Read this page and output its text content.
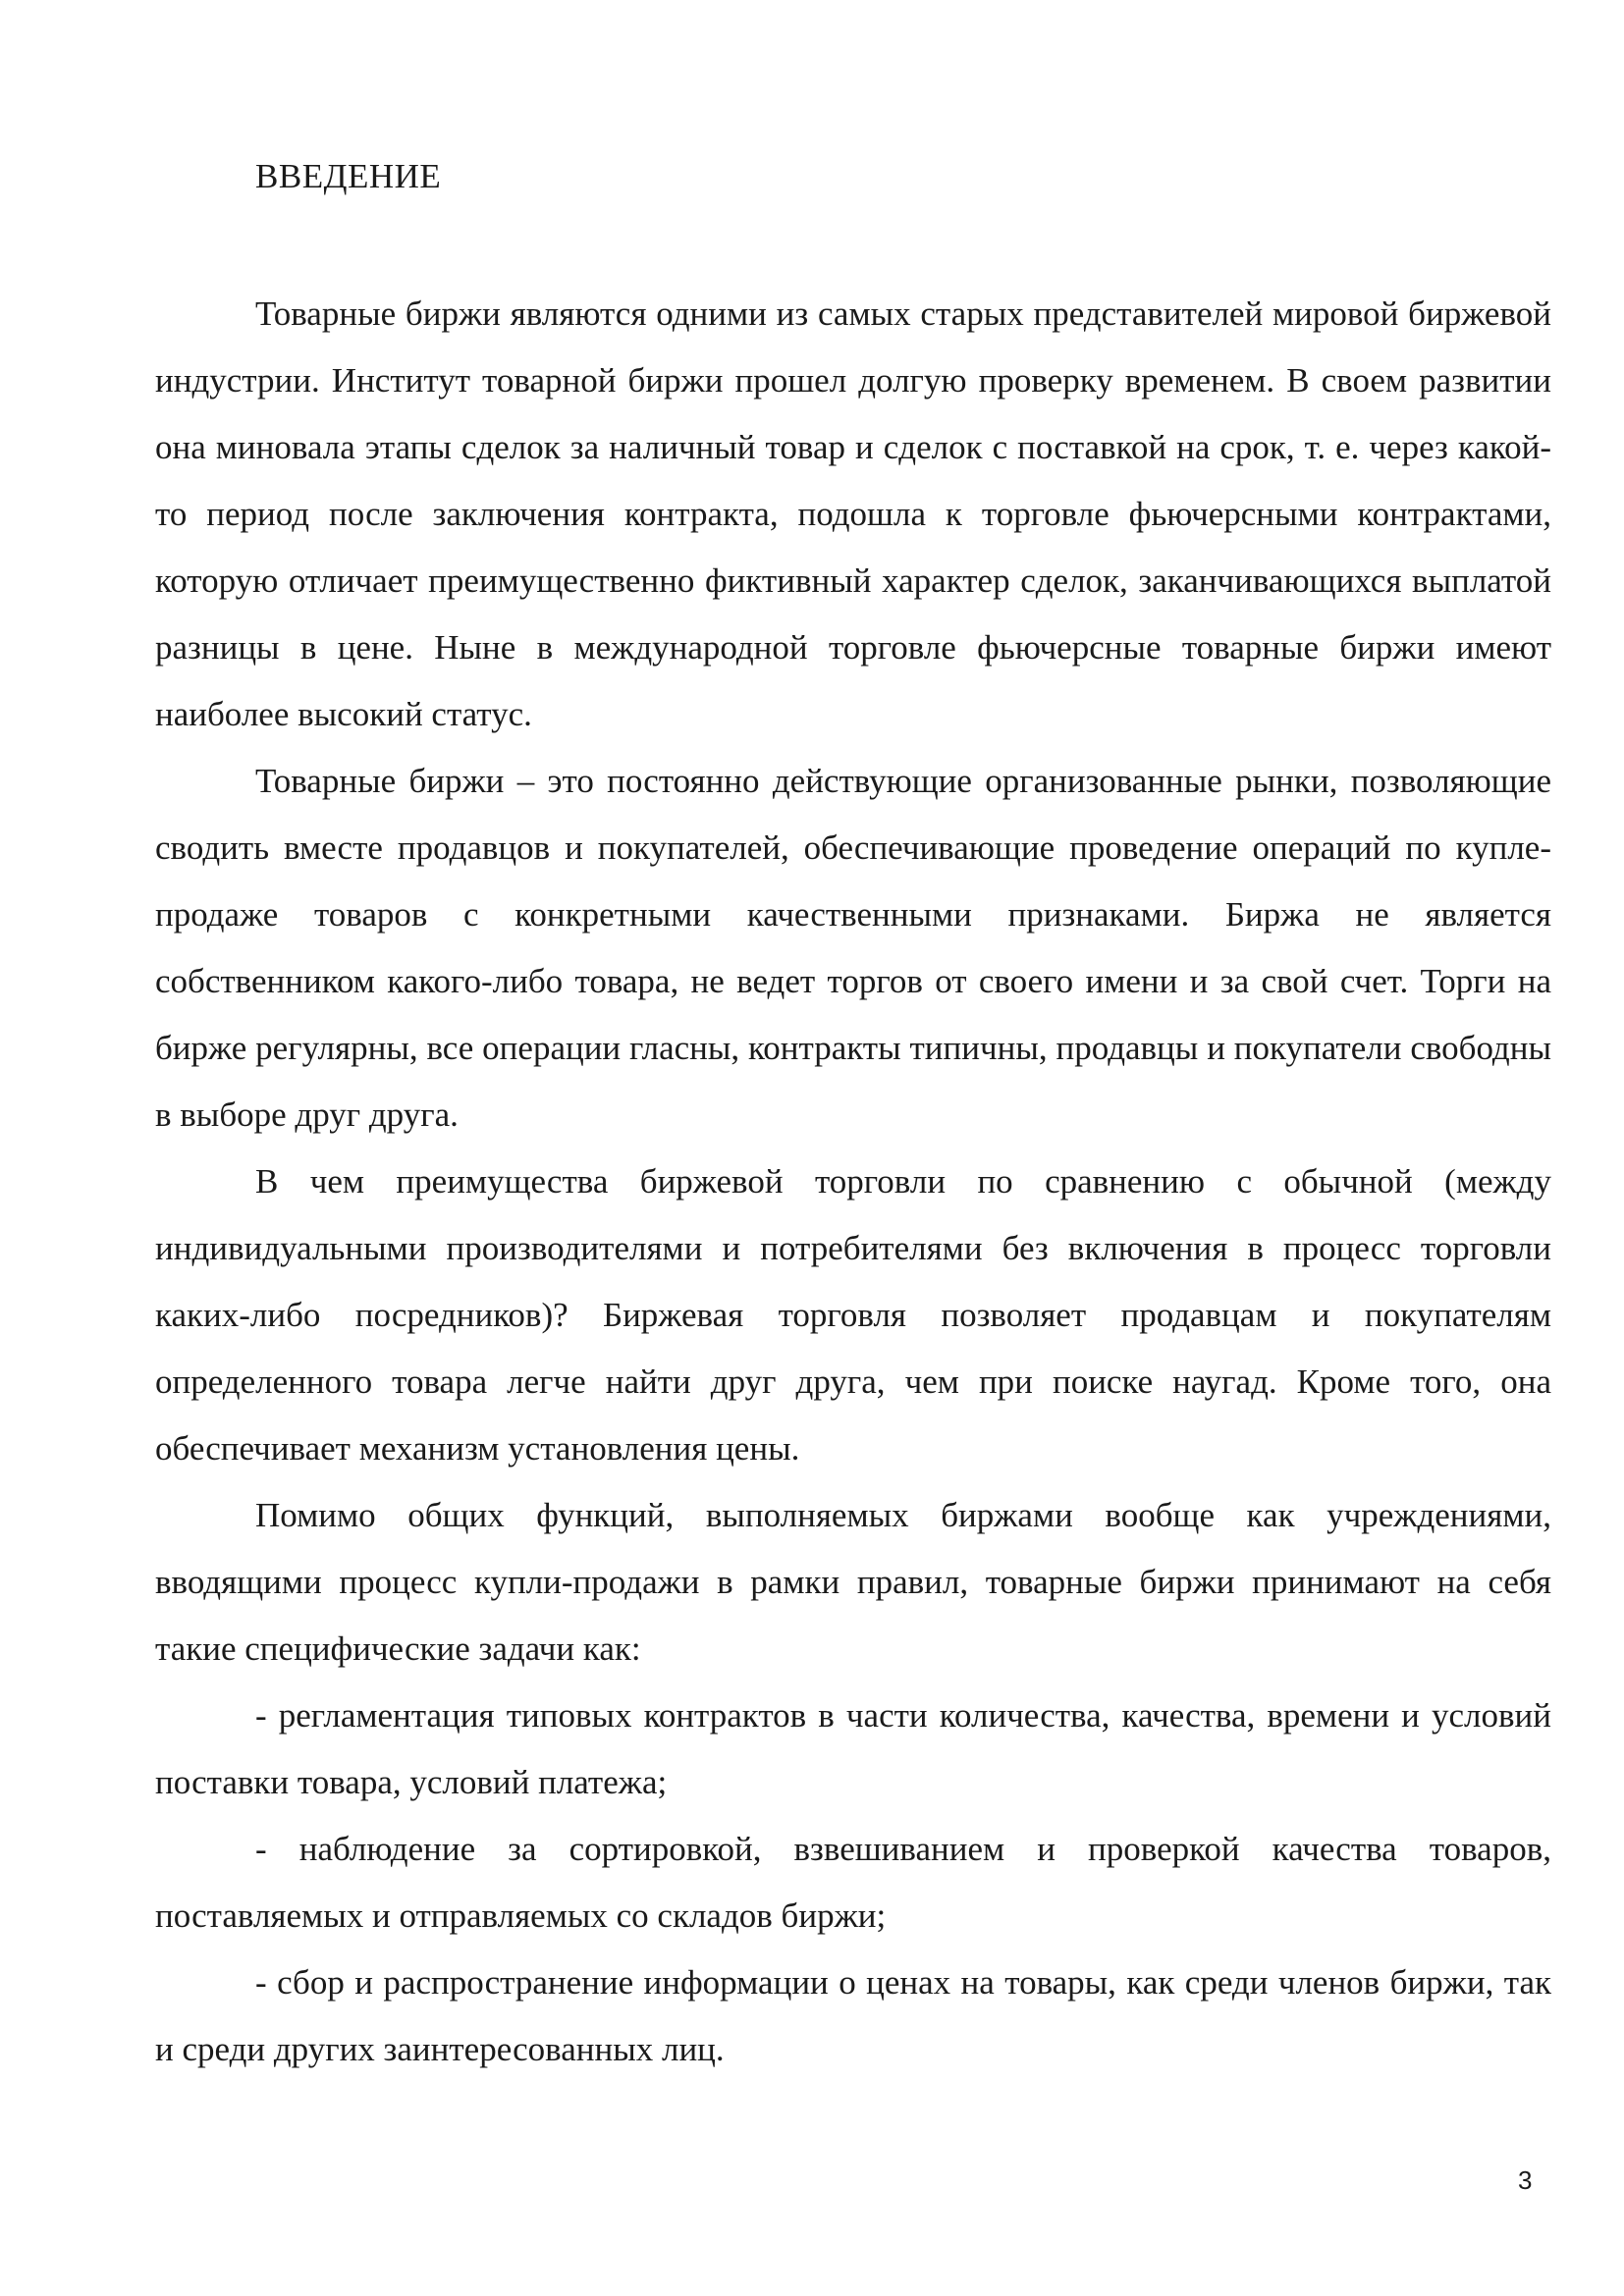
ВВЕДЕНИЕ

Товарные биржи являются одними из самых старых представителей мировой биржевой индустрии. Институт товарной биржи прошел долгую проверку временем. В своем развитии она миновала этапы сделок за наличный товар и сделок с поставкой на срок, т. е. через какой-то период после заключения контракта, подошла к торговле фьючерсными контрактами, которую отличает преимущественно фиктивный характер сделок, заканчивающихся выплатой разницы в цене. Ныне в международной торговле фьючерсные товарные биржи имеют наиболее высокий статус.

Товарные биржи – это постоянно действующие организованные рынки, позволяющие сводить вместе продавцов и покупателей, обеспечивающие проведение операций по купле-продаже товаров с конкретными качественными признаками. Биржа не является собственником какого-либо товара, не ведет торгов от своего имени и за свой счет. Торги на бирже регулярны, все операции гласны, контракты типичны, продавцы и покупатели свободны в выборе друг друга.

В чем преимущества биржевой торговли по сравнению с обычной (между индивидуальными производителями и потребителями без включения в процесс торговли каких-либо посредников)? Биржевая торговля позволяет продавцам и покупателям определенного товара легче найти друг друга, чем при поиске наугад. Кроме того, она обеспечивает механизм установления цены.

Помимо общих функций, выполняемых биржами вообще как учреждениями, вводящими процесс купли-продажи в рамки правил, товарные биржи принимают на себя такие специфические задачи как:

- регламентация типовых контрактов в части количества, качества, времени и условий поставки товара, условий платежа;

- наблюдение за сортировкой, взвешиванием и проверкой качества товаров, поставляемых и отправляемых со складов биржи;

- сбор и распространение информации о ценах на товары, как среди членов биржи, так и среди других заинтересованных лиц.

3
